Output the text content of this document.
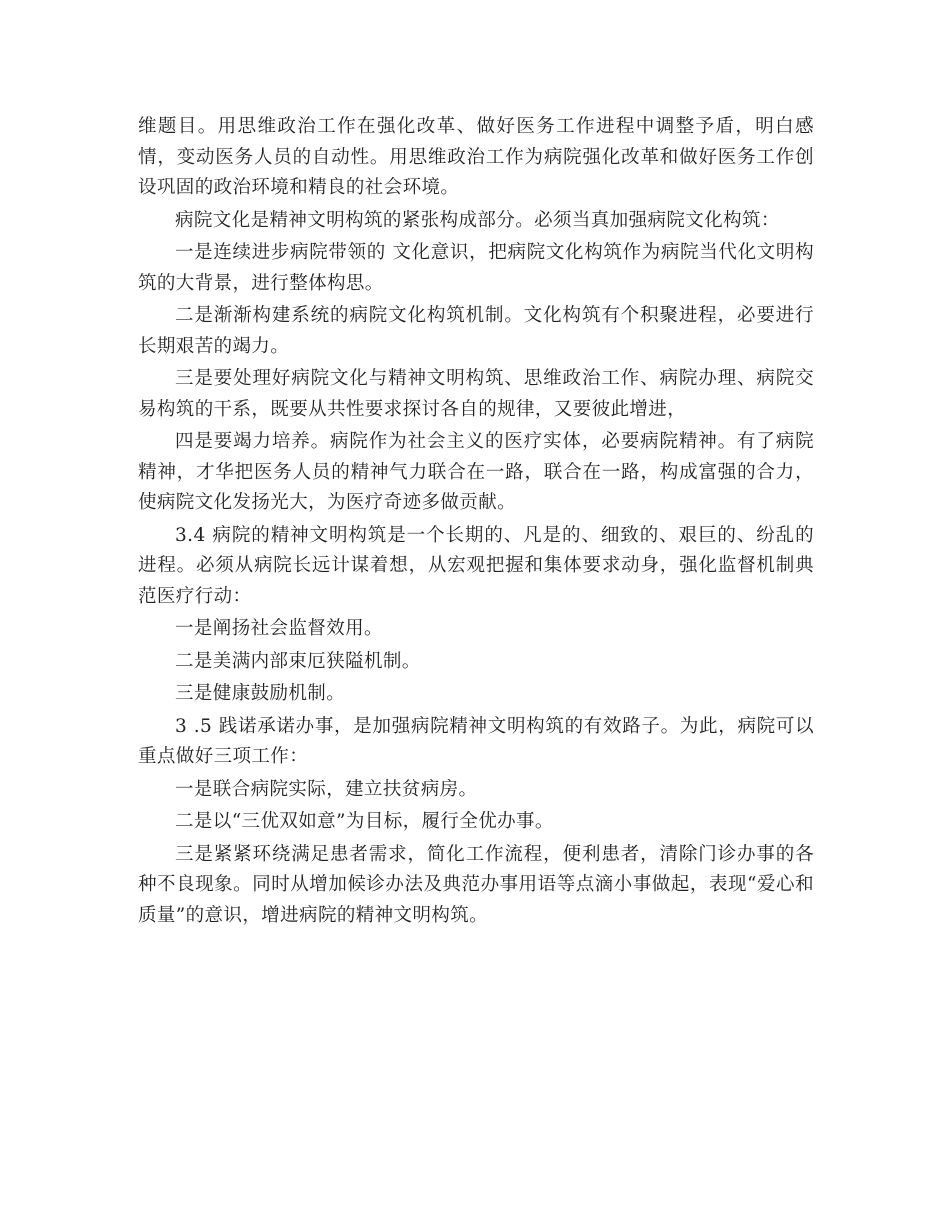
维题目。用思维政治工作在强化改革、做好医务工作进程中调整予盾，明白感情，变动医务人员的自动性。用思维政治工作为病院强化改革和做好医务工作创设巩固的政治环境和精良的社会环境。

病院文化是精神文明构筑的紧张构成部分。必须当真加强病院文化构筑：

一是连续进步病院带领的 文化意识，把病院文化构筑作为病院当代化文明构筑的大背景，进行整体构思。

二是渐渐构建系统的病院文化构筑机制。文化构筑有个积聚进程，必要进行长期艰苦的竭力。

三是要处理好病院文化与精神文明构筑、思维政治工作、病院办理、病院交易构筑的干系，既要从共性要求探讨各自的规律，又要彼此增进，

四是要竭力培养。病院作为社会主义的医疗实体，必要病院精神。有了病院精神，才华把医务人员的精神气力联合在一路，联合在一路，构成富强的合力，使病院文化发扬光大，为医疗奇迹多做贡献。

3.4 病院的精神文明构筑是一个长期的、凡是的、细致的、艰巨的、纷乱的进程。必须从病院长远计谋着想，从宏观把握和集体要求动身，强化监督机制典范医疗行动：

一是阐扬社会监督效用。

二是美满内部束厄狭隘机制。

三是健康鼓励机制。

3 .5 践诺承诺办事，是加强病院精神文明构筑的有效路子。为此，病院可以重点做好三项工作：

一是联合病院实际，建立扶贫病房。

二是以“三优双如意”为目标，履行全优办事。

三是紧紧环绕满足患者需求，简化工作流程，便利患者，清除门诊办事的各种不良现象。同时从增加候诊办法及典范办事用语等点滴小事做起，表现“爱心和质量”的意识，增进病院的精神文明构筑。
